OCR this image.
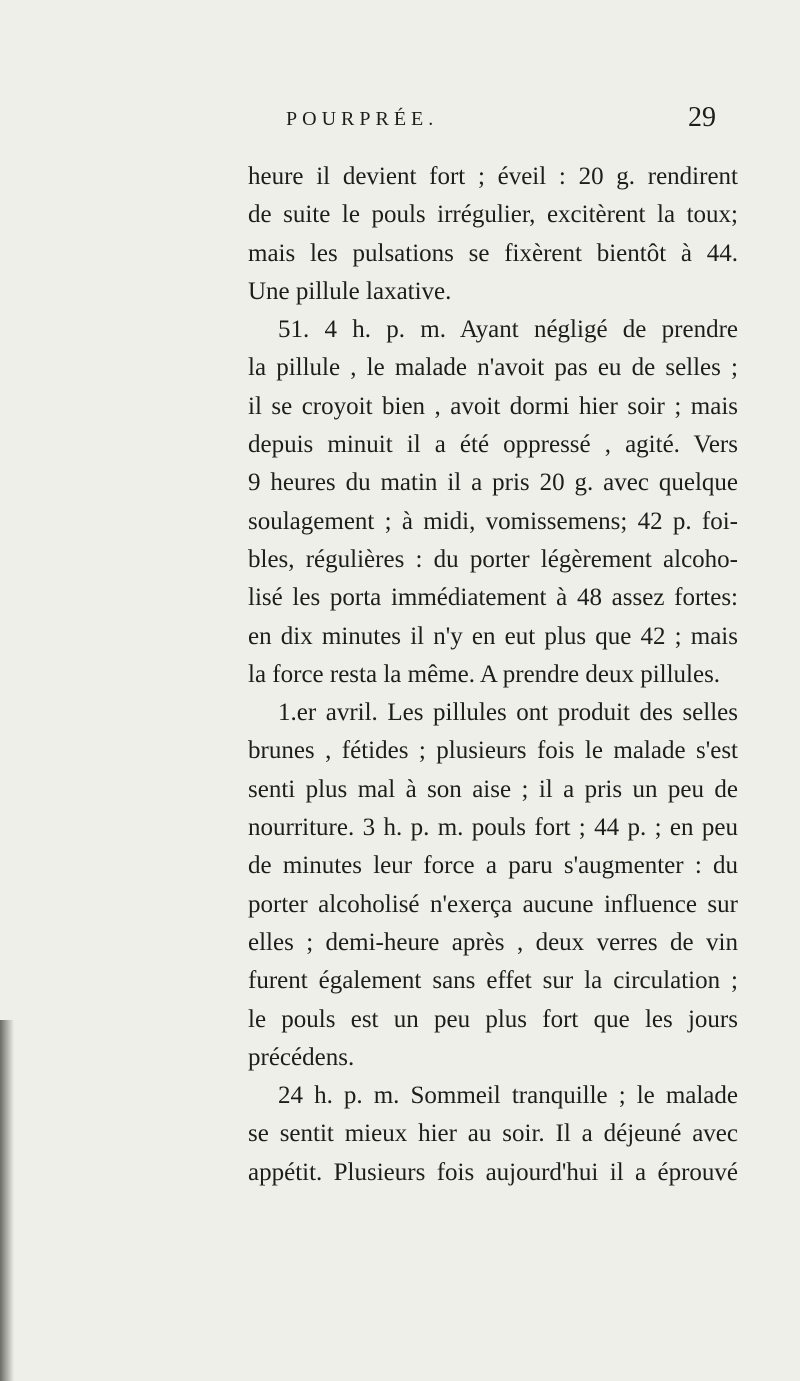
POURPRÉE.	29
heure il devient fort ; éveil : 20 g. rendirent
de suite le pouls irrégulier, excitèrent la toux;
mais les pulsations se fixèrent bientôt à 44.
Une pillule laxative.
51. 4 h. p. m. Ayant négligé de prendre
la pillule , le malade n'avoit pas eu de selles ;
il se croyoit bien , avoit dormi hier soir ; mais
depuis minuit il a été oppressé , agité. Vers
9 heures du matin il a pris 20 g. avec quelque
soulagement ; à midi, vomissemens; 42 p. foi-
bles, régulières : du porter légèrement alcoho-
lisé les porta immédiatement à 48 assez fortes:
en dix minutes il n'y en eut plus que 42 ; mais
la force resta la même. A prendre deux pillules.
1.er avril. Les pillules ont produit des selles
brunes , fétides ; plusieurs fois le malade s'est
senti plus mal à son aise ; il a pris un peu de
nourriture. 3 h. p. m. pouls fort ; 44 p. ; en peu
de minutes leur force a paru s'augmenter : du
porter alcoholisé n'exerça aucune influence sur
elles ; demi-heure après , deux verres de vin
furent également sans effet sur la circulation ;
le pouls est un peu plus fort que les jours
précédens.
24 h. p. m. Sommeil tranquille ; le malade
se sentit mieux hier au soir. Il a déjeuné avec
appétit. Plusieurs fois aujourd'hui il a éprouvé
